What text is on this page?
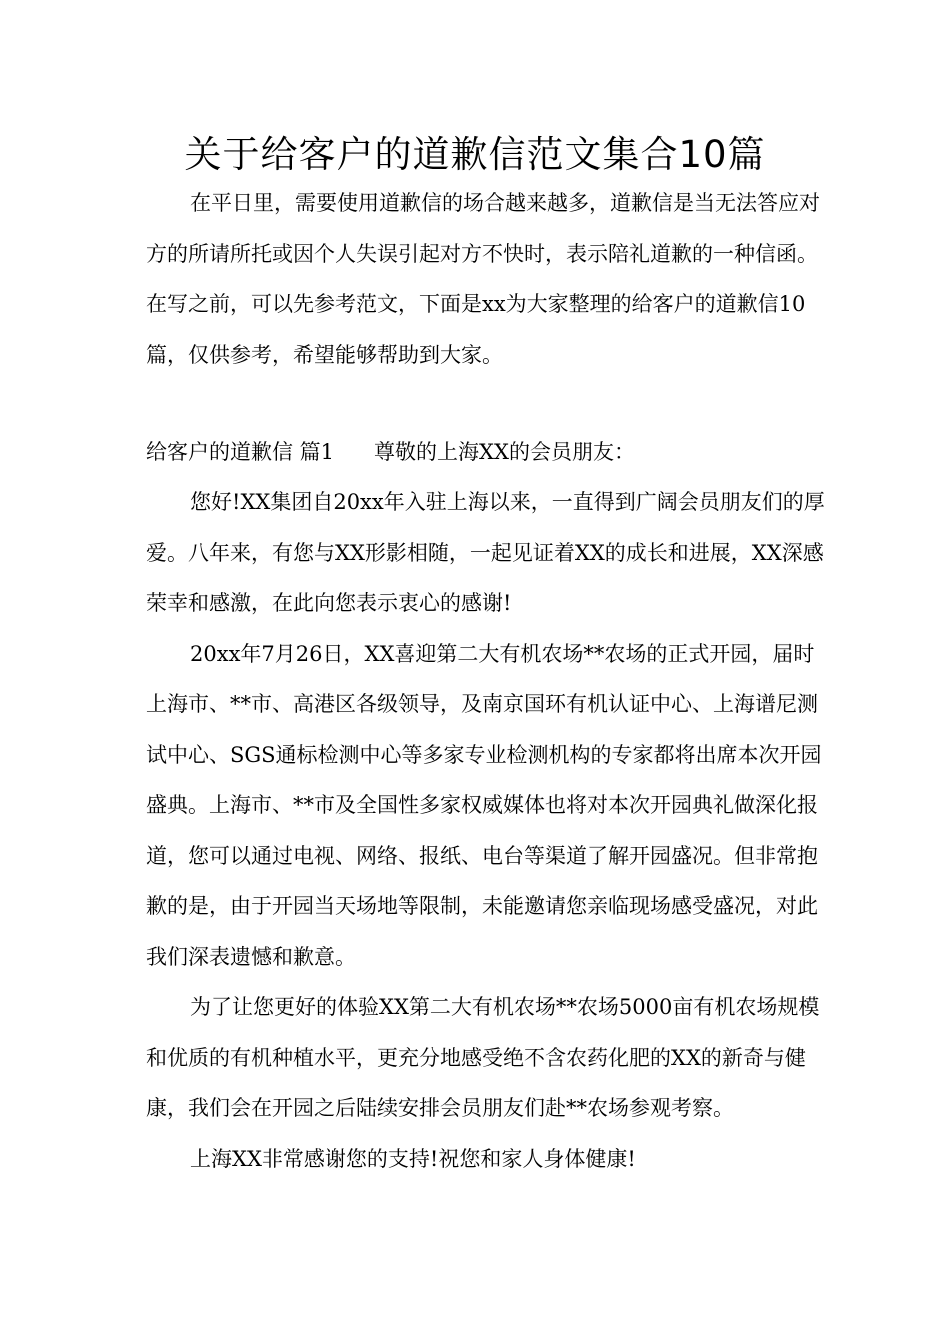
关于给客户的道歉信范文集合10篇

在平日里，需要使用道歉信的场合越来越多，道歉信是当无法答应对方的所请所托或因个人失误引起对方不快时，表示陪礼道歉的一种信函。在写之前，可以先参考范文，下面是xx为大家整理的给客户的道歉信10篇，仅供参考，希望能够帮助到大家。

给客户的道歉信 篇1 尊敬的上海XX的会员朋友：

您好!XX集团自20xx年入驻上海以来，一直得到广阔会员朋友们的厚爱。八年来，有您与XX形影相随，一起见证着XX的成长和进展，XX深感荣幸和感激，在此向您表示衷心的感谢!

20xx年7月26日，XX喜迎第二大有机农场**农场的正式开园，届时上海市、**市、高港区各级领导，及南京国环有机认证中心、上海谱尼测试中心、SGS通标检测中心等多家专业检测机构的专家都将出席本次开园盛典。上海市、**市及全国性多家权威媒体也将对本次开园典礼做深化报道，您可以通过电视、网络、报纸、电台等渠道了解开园盛况。但非常抱歉的是，由于开园当天场地等限制，未能邀请您亲临现场感受盛况，对此我们深表遗憾和歉意。

为了让您更好的体验XX第二大有机农场**农场5000亩有机农场规模和优质的有机种植水平，更充分地感受绝不含农药化肥的XX的新奇与健康，我们会在开园之后陆续安排会员朋友们赴**农场参观考察。

上海XX非常感谢您的支持!祝您和家人身体健康!
